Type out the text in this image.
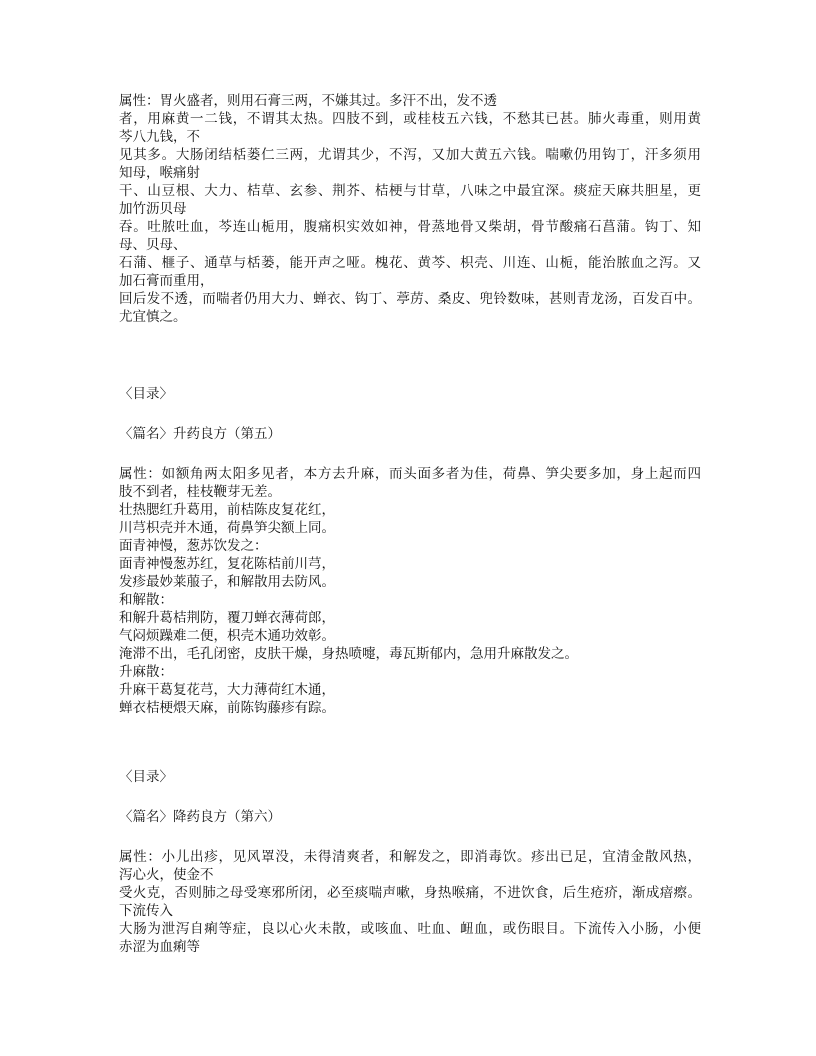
属性：胃火盛者，则用石膏三两，不嫌其过。多汗不出，发不透
者，用麻黄一二钱，不谓其太热。四肢不到，或桂枝五六钱，不愁其已甚。肺火毒重，则用黄
芩八九钱，不
见其多。大肠闭结栝蒌仁三两，尤谓其少，不泻，又加大黄五六钱。喘嗽仍用钩丁，汗多须用
知母，喉痛射
干、山豆根、大力、桔草、玄参、荆芥、桔梗与甘草，八味之中最宜深。痰症天麻共胆星，更
加竹沥贝母
吞。吐脓吐血，芩连山栀用，腹痛枳实效如神，骨蒸地骨又柴胡，骨节酸痛石菖蒲。钩丁、知
母、贝母、
石蒲、榧子、通草与栝蒌，能开声之哑。槐花、黄芩、枳壳、川连、山栀，能治脓血之泻。又
加石膏而重用，
回后发不透，而喘者仍用大力、蝉衣、钩丁、葶苈、桑皮、兜铃数味，甚则青龙汤，百发百中。
尤宜慎之。
〈目录〉
〈篇名〉升药良方（第五）
属性：如额角两太阳多见者，本方去升麻，而头面多者为佳，荷鼻、笋尖要多加，身上起而四
肢不到者，桂枝鞭芽无差。
壮热腮红升葛用，前桔陈皮复花红，
川芎枳壳并木通，荷鼻笋尖额上同。
面青神慢，葱苏饮发之：
面青神慢葱苏红，复花陈桔前川芎，
发疹最妙莱菔子，和解散用去防风。
和解散：
和解升葛桔荆防，覆刀蝉衣薄荷郎，
气闷烦躁难二便，枳壳木通功效彰。
淹滞不出，毛孔闭密，皮肤干燥，身热喷嚏，毒瓦斯郁内，急用升麻散发之。
升麻散：
升麻干葛复花芎，大力薄荷红木通，
蝉衣桔梗煨天麻，前陈钩藤疹有踪。
〈目录〉
〈篇名〉降药良方（第六）
属性：小儿出疹，见风罩没，未得清爽者，和解发之，即消毒饮。疹出已足，宜清金散风热，
泻心火，使金不
受火克，否则肺之母受寒邪所闭，必至痰喘声嗽，身热喉痛，不进饮食，后生疮疥，渐成瘖瘵。
下流传入
大肠为泄泻自痢等症，良以心火未散，或咳血、吐血、衄血，或伤眼目。下流传入小肠，小便
赤涩为血痢等
